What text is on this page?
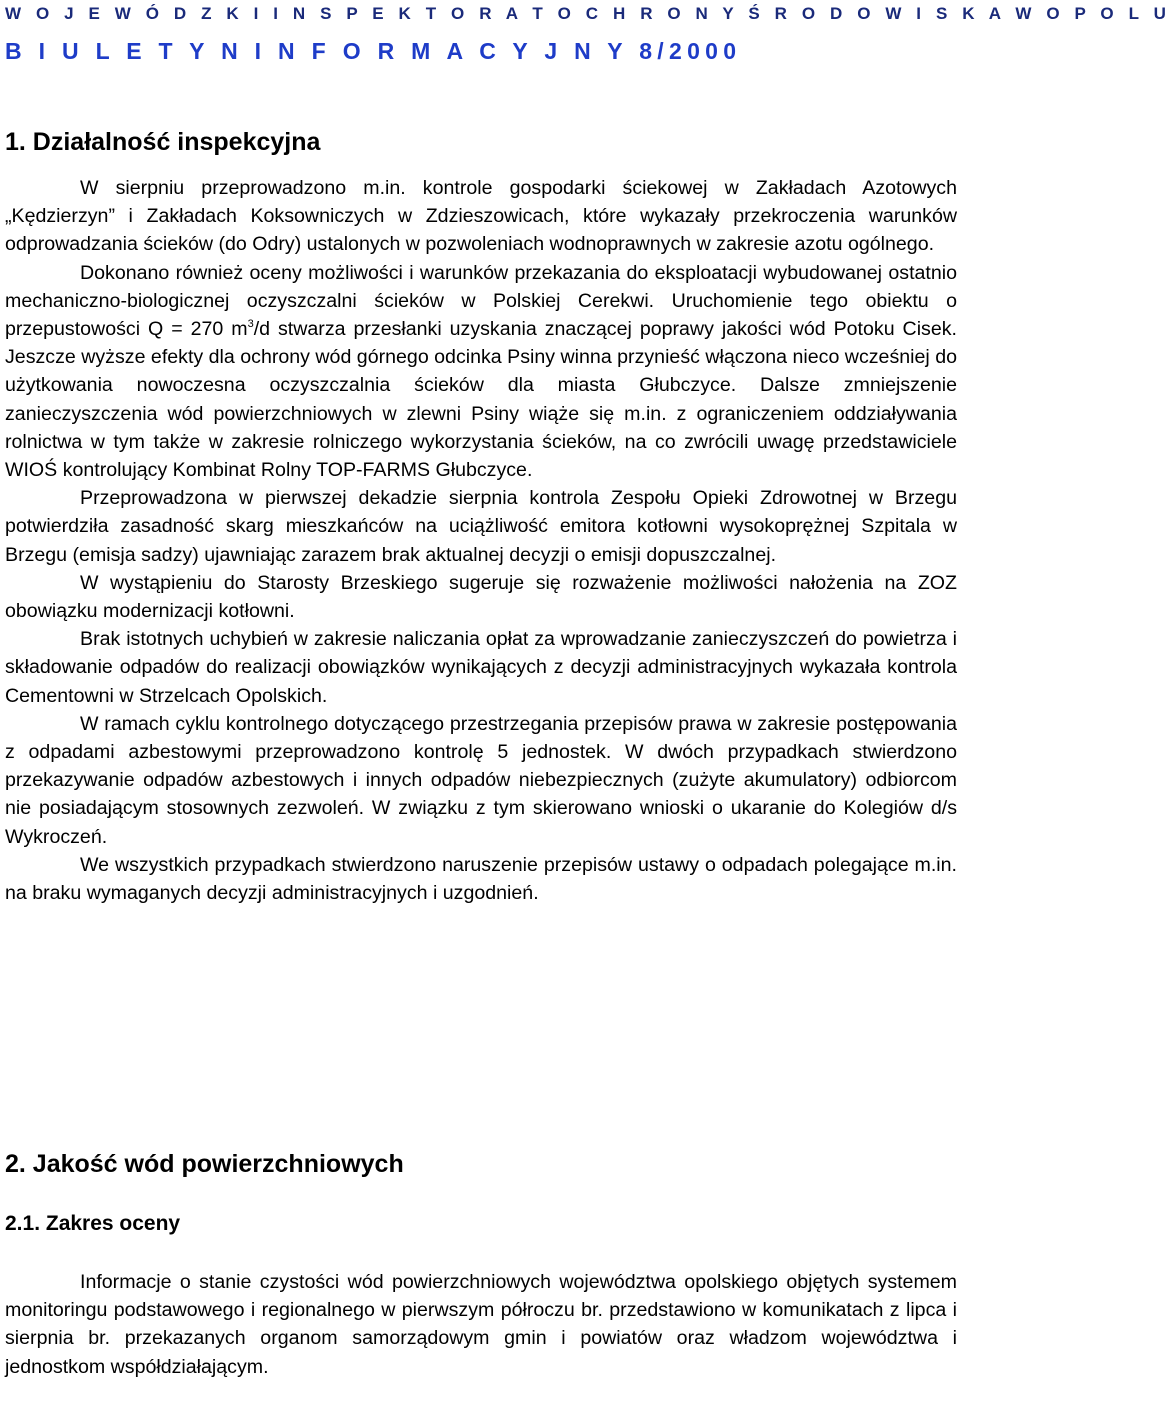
W O J E W Ó D Z K I I N S P E K T O R A T O C H R O N Y Ś R O D O W I S K A W O P O L U
B I U L E T Y N I N F O R M A C Y J N Y 8/2000
1. Działalność inspekcyjna

W sierpniu przeprowadzono m.in. kontrole gospodarki ściekowej w Zakładach Azotowych „Kędzierzyn” i Zakładach Koksowniczych w Zdzieszowicach, które wykazały przekroczenia warunków odprowadzania ścieków (do Odry) ustalonych w pozwoleniach wodnoprawnych w zakresie azotu ogólnego.

Dokonano również oceny możliwości i warunków przekazania do eksploatacji wybudowanej ostatnio mechaniczno-biologicznej oczyszczalni ścieków w Polskiej Cerekwi. Uruchomienie tego obiektu o przepustowości Q = 270 $m^3/d$ stwarza przesłanki uzyskania znaczącej poprawy jakości wód Potoku Cisek. Jeszcze wyższe efekty dla ochrony wód górnego odcinka Psiny winna przynieść włączona nieco wcześniej do użytkowania nowoczesna oczyszczalnia ścieków dla miasta Głubczyce. Dalsze zmniejszenie zanieczyszczenia wód powierzchniowych w zlewni Psiny wiąże się m.in. z ograniczeniem oddziaływania rolnictwa w tym także w zakresie rolniczego wykorzystania ścieków, na co zwrócili uwagę przedstawiciele WIOŚ kontrolujący Kombinat Rolny TOP-FARMS Głubczyce.

Przeprowadzona w pierwszej dekadzie sierpnia kontrola Zespołu Opieki Zdrowotnej w Brzegu potwierdziła zasadność skarg mieszkańców na uciążliwość emitora kotłowni wysokoprężnej Szpitala w Brzegu (emisja sadzy) ujawniając zarazem brak aktualnej decyzji o emisji dopuszczalnej.

W wystąpieniu do Starosty Brzeskiego sugeruje się rozważenie możliwości nałożenia na ZOZ obowiązku modernizacji kotłowni.

Brak istotnych uchybień w zakresie naliczania opłat za wprowadzanie zanieczyszczeń do powietrza i składowanie odpadów do realizacji obowiązków wynikających z decyzji administracyjnych wykazała kontrola Cementowni w Strzelcach Opolskich.

W ramach cyklu kontrolnego dotyczącego przestrzegania przepisów prawa w zakresie postępowania z odpadami azbestowymi przeprowadzono kontrolę 5 jednostek. W dwóch przypadkach stwierdzono przekazywanie odpadów azbestowych i innych odpadów niebezpiecznych (zużyte akumulatory) odbiorcom nie posiadającym stosownych zezwoleń. W związku z tym skierowano wnioski o ukaranie do Kolegiów d/s Wykroczeń.

We wszystkich przypadkach stwierdzono naruszenie przepisów ustawy o odpadach polegające m.in. na braku wymaganych decyzji administracyjnych i uzgodnień.

2. Jakość wód powierzchniowych
2.1. Zakres oceny

Informacje o stanie czystości wód powierzchniowych województwa opolskiego objętych systemem monitoringu podstawowego i regionalnego w pierwszym półroczu br. przedstawiono w komunikatach z lipca i sierpnia br. przekazanych organom samorządowym gmin i powiatów oraz władzom województwa i jednostkom współdziałającym.
